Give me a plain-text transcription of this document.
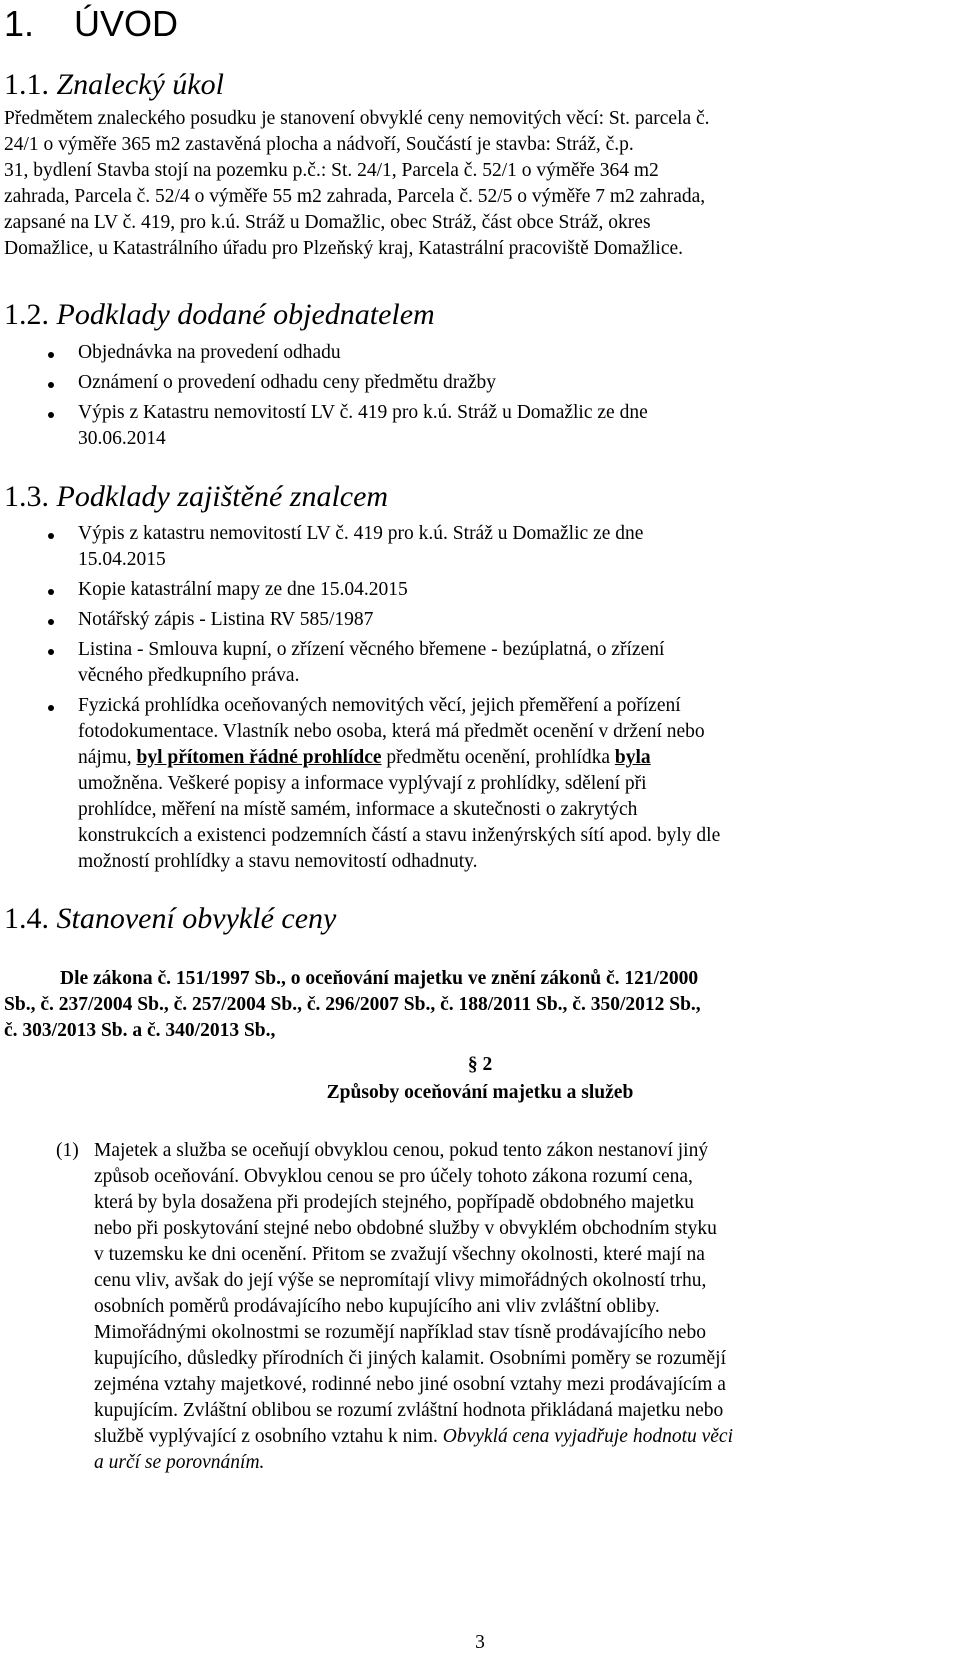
1. ÚVOD
1.1. Znalecký úkol
Předmětem znaleckého posudku je stanovení obvyklé ceny nemovitých věcí: St. parcela č.
24/1 o výměře 365 m2 zastavěná plocha a nádvoří, Součástí je stavba: Stráž, č.p.
31, bydlení Stavba stojí na pozemku p.č.: St. 24/1, Parcela č. 52/1 o výměře 364 m2
zahrada, Parcela č. 52/4 o výměře 55 m2 zahrada, Parcela č. 52/5 o výměře 7 m2 zahrada,
zapsané na LV č. 419, pro k.ú. Stráž u Domažlic, obec Stráž, část obce Stráž, okres
Domažlice, u Katastrálního úřadu pro Plzeňský kraj, Katastrální pracoviště Domažlice.
1.2. Podklady dodané objednatelem
Objednávka na provedení odhadu
Oznámení o provedení odhadu ceny předmětu dražby
Výpis z Katastru nemovitostí LV č. 419 pro k.ú. Stráž u Domažlic ze dne
30.06.2014
1.3. Podklady zajištěné znalcem
Výpis z katastru nemovitostí LV č. 419 pro k.ú. Stráž u Domažlic ze dne
15.04.2015
Kopie katastrální mapy ze dne 15.04.2015
Notářský zápis - Listina RV 585/1987
Listina - Smlouva kupní, o zřízení věcného břemene - bezúplatná, o zřízení
věcného předkupního práva.
Fyzická prohlídka oceňovaných nemovitých věcí, jejich přeměření a pořízení
fotodokumentace. Vlastník nebo osoba, která má předmět ocenění v držení nebo
nájmu, byl přítomen řádné prohlídce předmětu ocenění, prohlídka byla
umožněna. Veškeré popisy a informace vyplývají z prohlídky, sdělení při
prohlídce, měření na místě samém, informace a skutečnosti o zakrytých
konstrukcích a existenci podzemních částí a stavu inženýrských sítí apod. byly dle
možností prohlídky a stavu nemovitostí odhadnuty.
1.4. Stanovení obvyklé ceny
Dle zákona č. 151/1997 Sb., o oceňování majetku ve znění zákonů č. 121/2000
Sb., č. 237/2004 Sb., č. 257/2004 Sb., č. 296/2007 Sb., č. 188/2011 Sb., č. 350/2012 Sb.,
č. 303/2013 Sb. a č. 340/2013 Sb.,
§ 2
Způsoby oceňování majetku a služeb
(1) Majetek a služba se oceňují obvyklou cenou, pokud tento zákon nestanoví jiný
způsob oceňování. Obvyklou cenou se pro účely tohoto zákona rozumí cena,
která by byla dosažena při prodejích stejného, popřípadě obdobného majetku
nebo při poskytování stejné nebo obdobné služby v obvyklém obchodním styku
v tuzemsku ke dni ocenění. Přitom se zvažují všechny okolnosti, které mají na
cenu vliv, avšak do její výše se nepromítají vlivy mimořádných okolností trhu,
osobních poměrů prodávajícího nebo kupujícího ani vliv zvláštní obliby.
Mimořádnými okolnostmi se rozumějí například stav tísně prodávajícího nebo
kupujícího, důsledky přírodních či jiných kalamit. Osobními poměry se rozumějí
zejména vztahy majetkové, rodinné nebo jiné osobní vztahy mezi prodávajícím a
kupujícím. Zvláštní oblibou se rozumí zvláštní hodnota přikládaná majetku nebo
službě vyplývající z osobního vztahu k nim. Obvyklá cena vyjadřuje hodnotu věci
a určí se porovnáním.
3
